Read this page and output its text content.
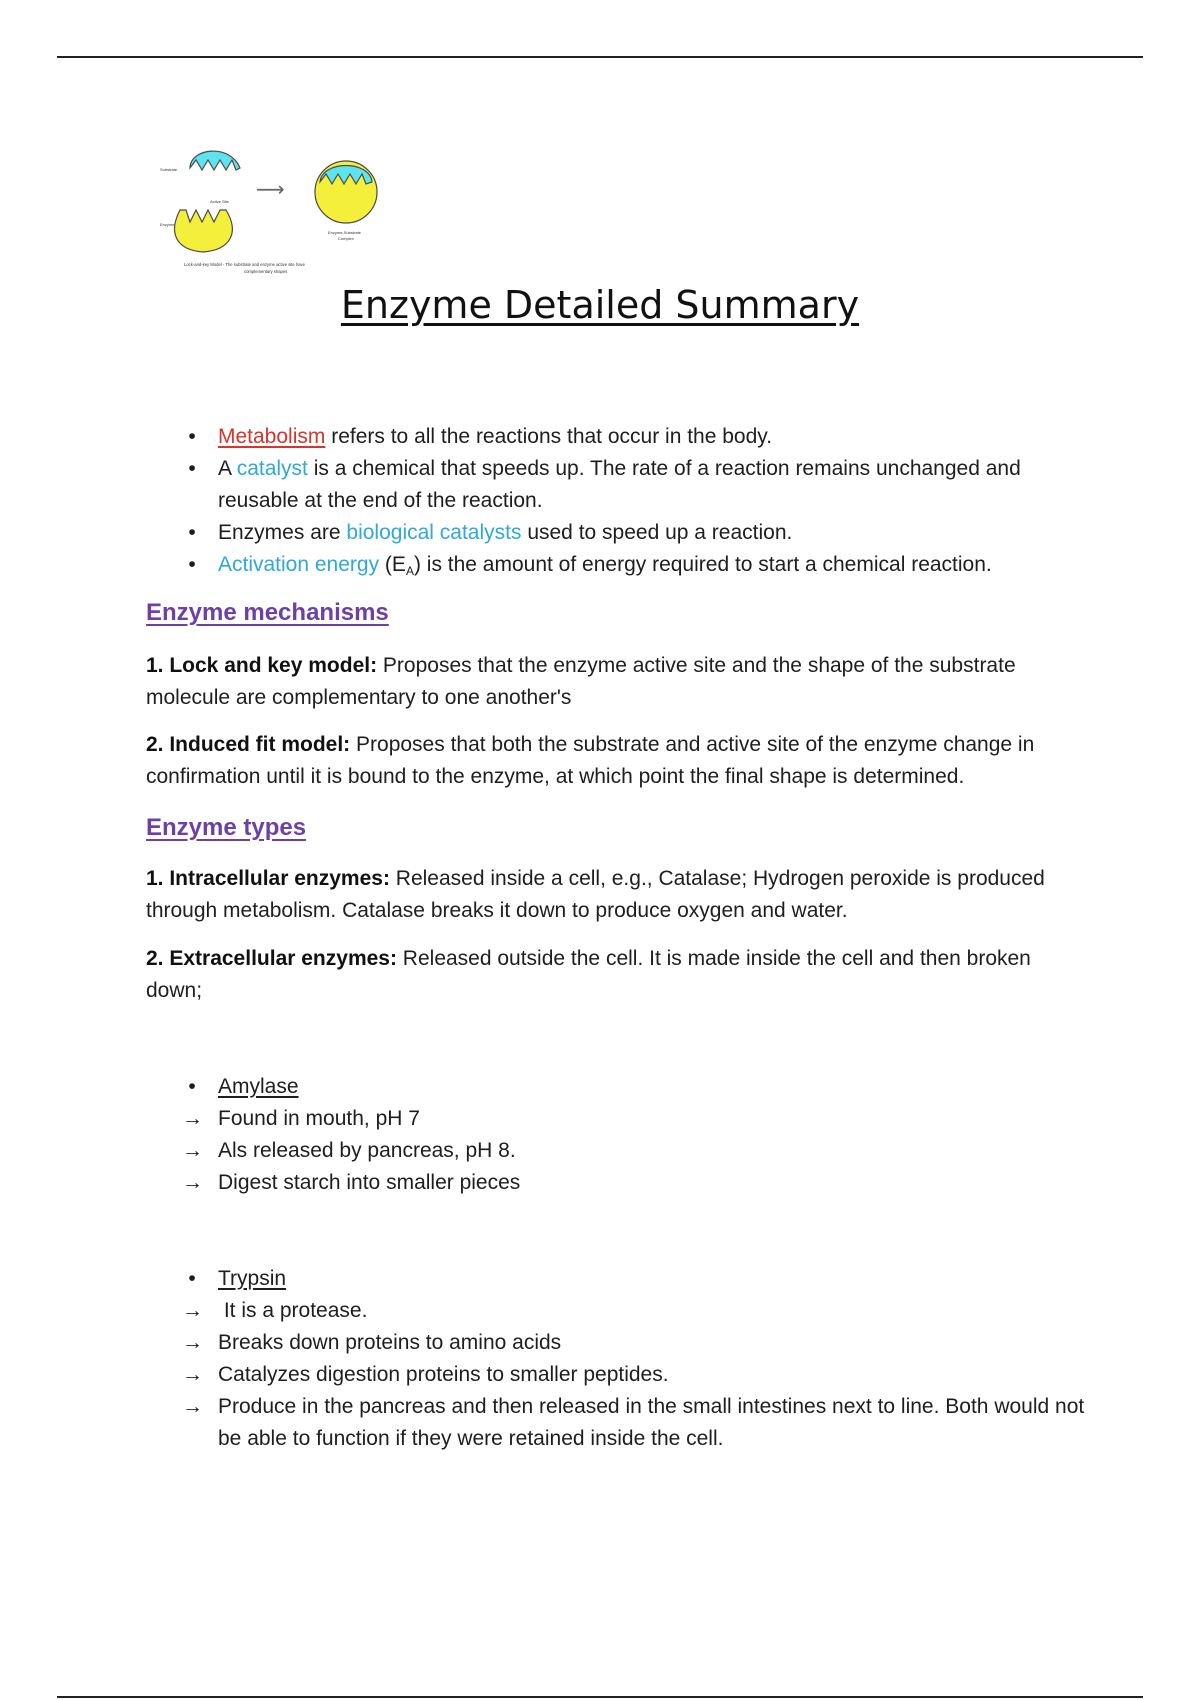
Substrate
Active Site
Enzyme
⟶
Enzyme-Substrate
Complex
Lock-and-key Model - The substrate and enzyme active site have
complementary shapes
Enzyme Detailed Summary
•	Metabolism refers to all the reactions that occur in the body.
•	A catalyst is a chemical that speeds up. The rate of a reaction remains unchanged and reusable at the end of the reaction.
•	Enzymes are biological catalysts used to speed up a reaction.
•	Activation energy $(E_A)$ is the amount of energy required to start a chemical reaction.

Enzyme mechanisms

1. Lock and key model: Proposes that the enzyme active site and the shape of the substrate molecule are complementary to one another's

2. Induced fit model: Proposes that both the substrate and active site of the enzyme change in confirmation until it is bound to the enzyme, at which point the final shape is determined.

Enzyme types

1. Intracellular enzymes: Released inside a cell, e.g., Catalase; Hydrogen peroxide is produced through metabolism. Catalase breaks it down to produce oxygen and water.

2. Extracellular enzymes: Released outside the cell. It is made inside the cell and then broken down;

•	Amylase
→ Found in mouth, pH 7
→ Als released by pancreas, pH 8.
→ Digest starch into smaller pieces
•	Trypsin
→ It is a protease.
→ Breaks down proteins to amino acids
→ Catalyzes digestion proteins to smaller peptides.
→ Produce in the pancreas and then released in the small intestines next to line. Both would not be able to function if they were retained inside the cell.
